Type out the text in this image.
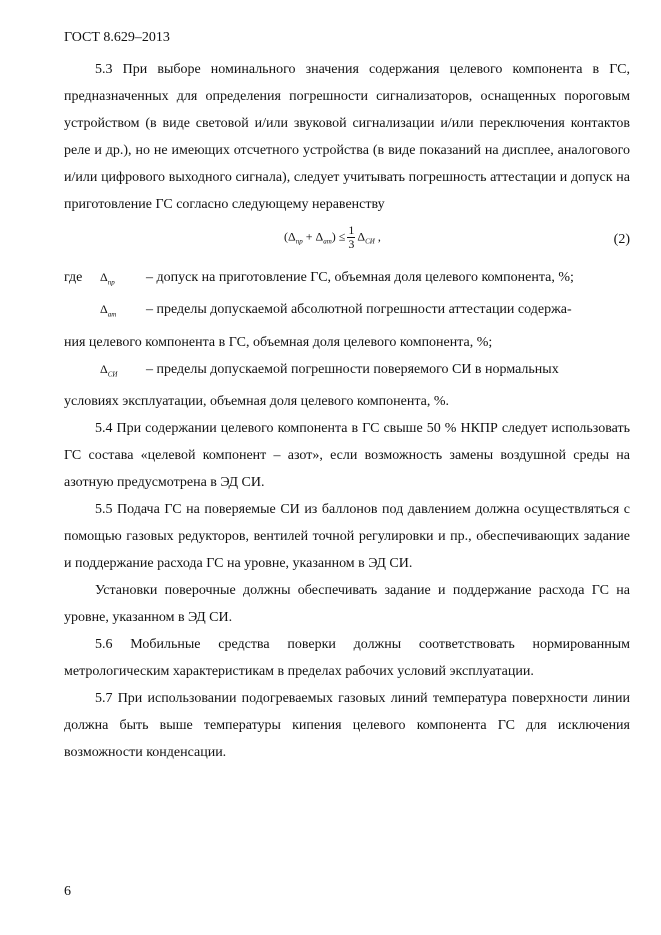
ГОСТ 8.629–2013

5.3 При выборе номинального значения содержания целевого компонента в ГС, предназначенных для определения погрешности сигнализаторов, оснащенных пороговым устройством (в виде световой и/или звуковой сигнализации и/или переключения контактов реле и др.), но не имеющих отсчетного устройства (в виде показаний на дисплее, аналогового и/или цифрового выходного сигнала), следует учитывать погрешность аттестации и допуск на приготовление ГС согласно следующему неравенству

$(\Delta_{пр} + \Delta_{ат}) \le \frac{1}{3} \Delta_{СИ}$ ,	(2)
где	$\Delta_{пр}$	– допуск на приготовление ГС, объемная доля целевого компонента, %;
$\Delta_{ат}$	– пределы допускаемой абсолютной погрешности аттестации содержа-

ния целевого компонента в ГС, объемная доля целевого компонента, %;

$\Delta_{СИ}$	– пределы допускаемой погрешности поверяемого СИ в нормальных

условиях эксплуатации, объемная доля целевого компонента, %.

5.4 При содержании целевого компонента в ГС свыше 50 % НКПР следует использовать ГС состава «целевой компонент – азот», если возможность замены воздушной среды на азотную предусмотрена в ЭД СИ.

5.5 Подача ГС на поверяемые СИ из баллонов под давлением должна осуществляться с помощью газовых редукторов, вентилей точной регулировки и пр., обеспечивающих задание и поддержание расхода ГС на уровне, указанном в ЭД СИ.

Установки поверочные должны обеспечивать задание и поддержание расхода ГС на уровне, указанном в ЭД СИ.

5.6 Мобильные средства поверки должны соответствовать нормированным метрологическим характеристикам в пределах рабочих условий эксплуатации.

5.7 При использовании подогреваемых газовых линий температура поверхности линии должна быть выше температуры кипения целевого компонента ГС для исключения возможности конденсации.

6
